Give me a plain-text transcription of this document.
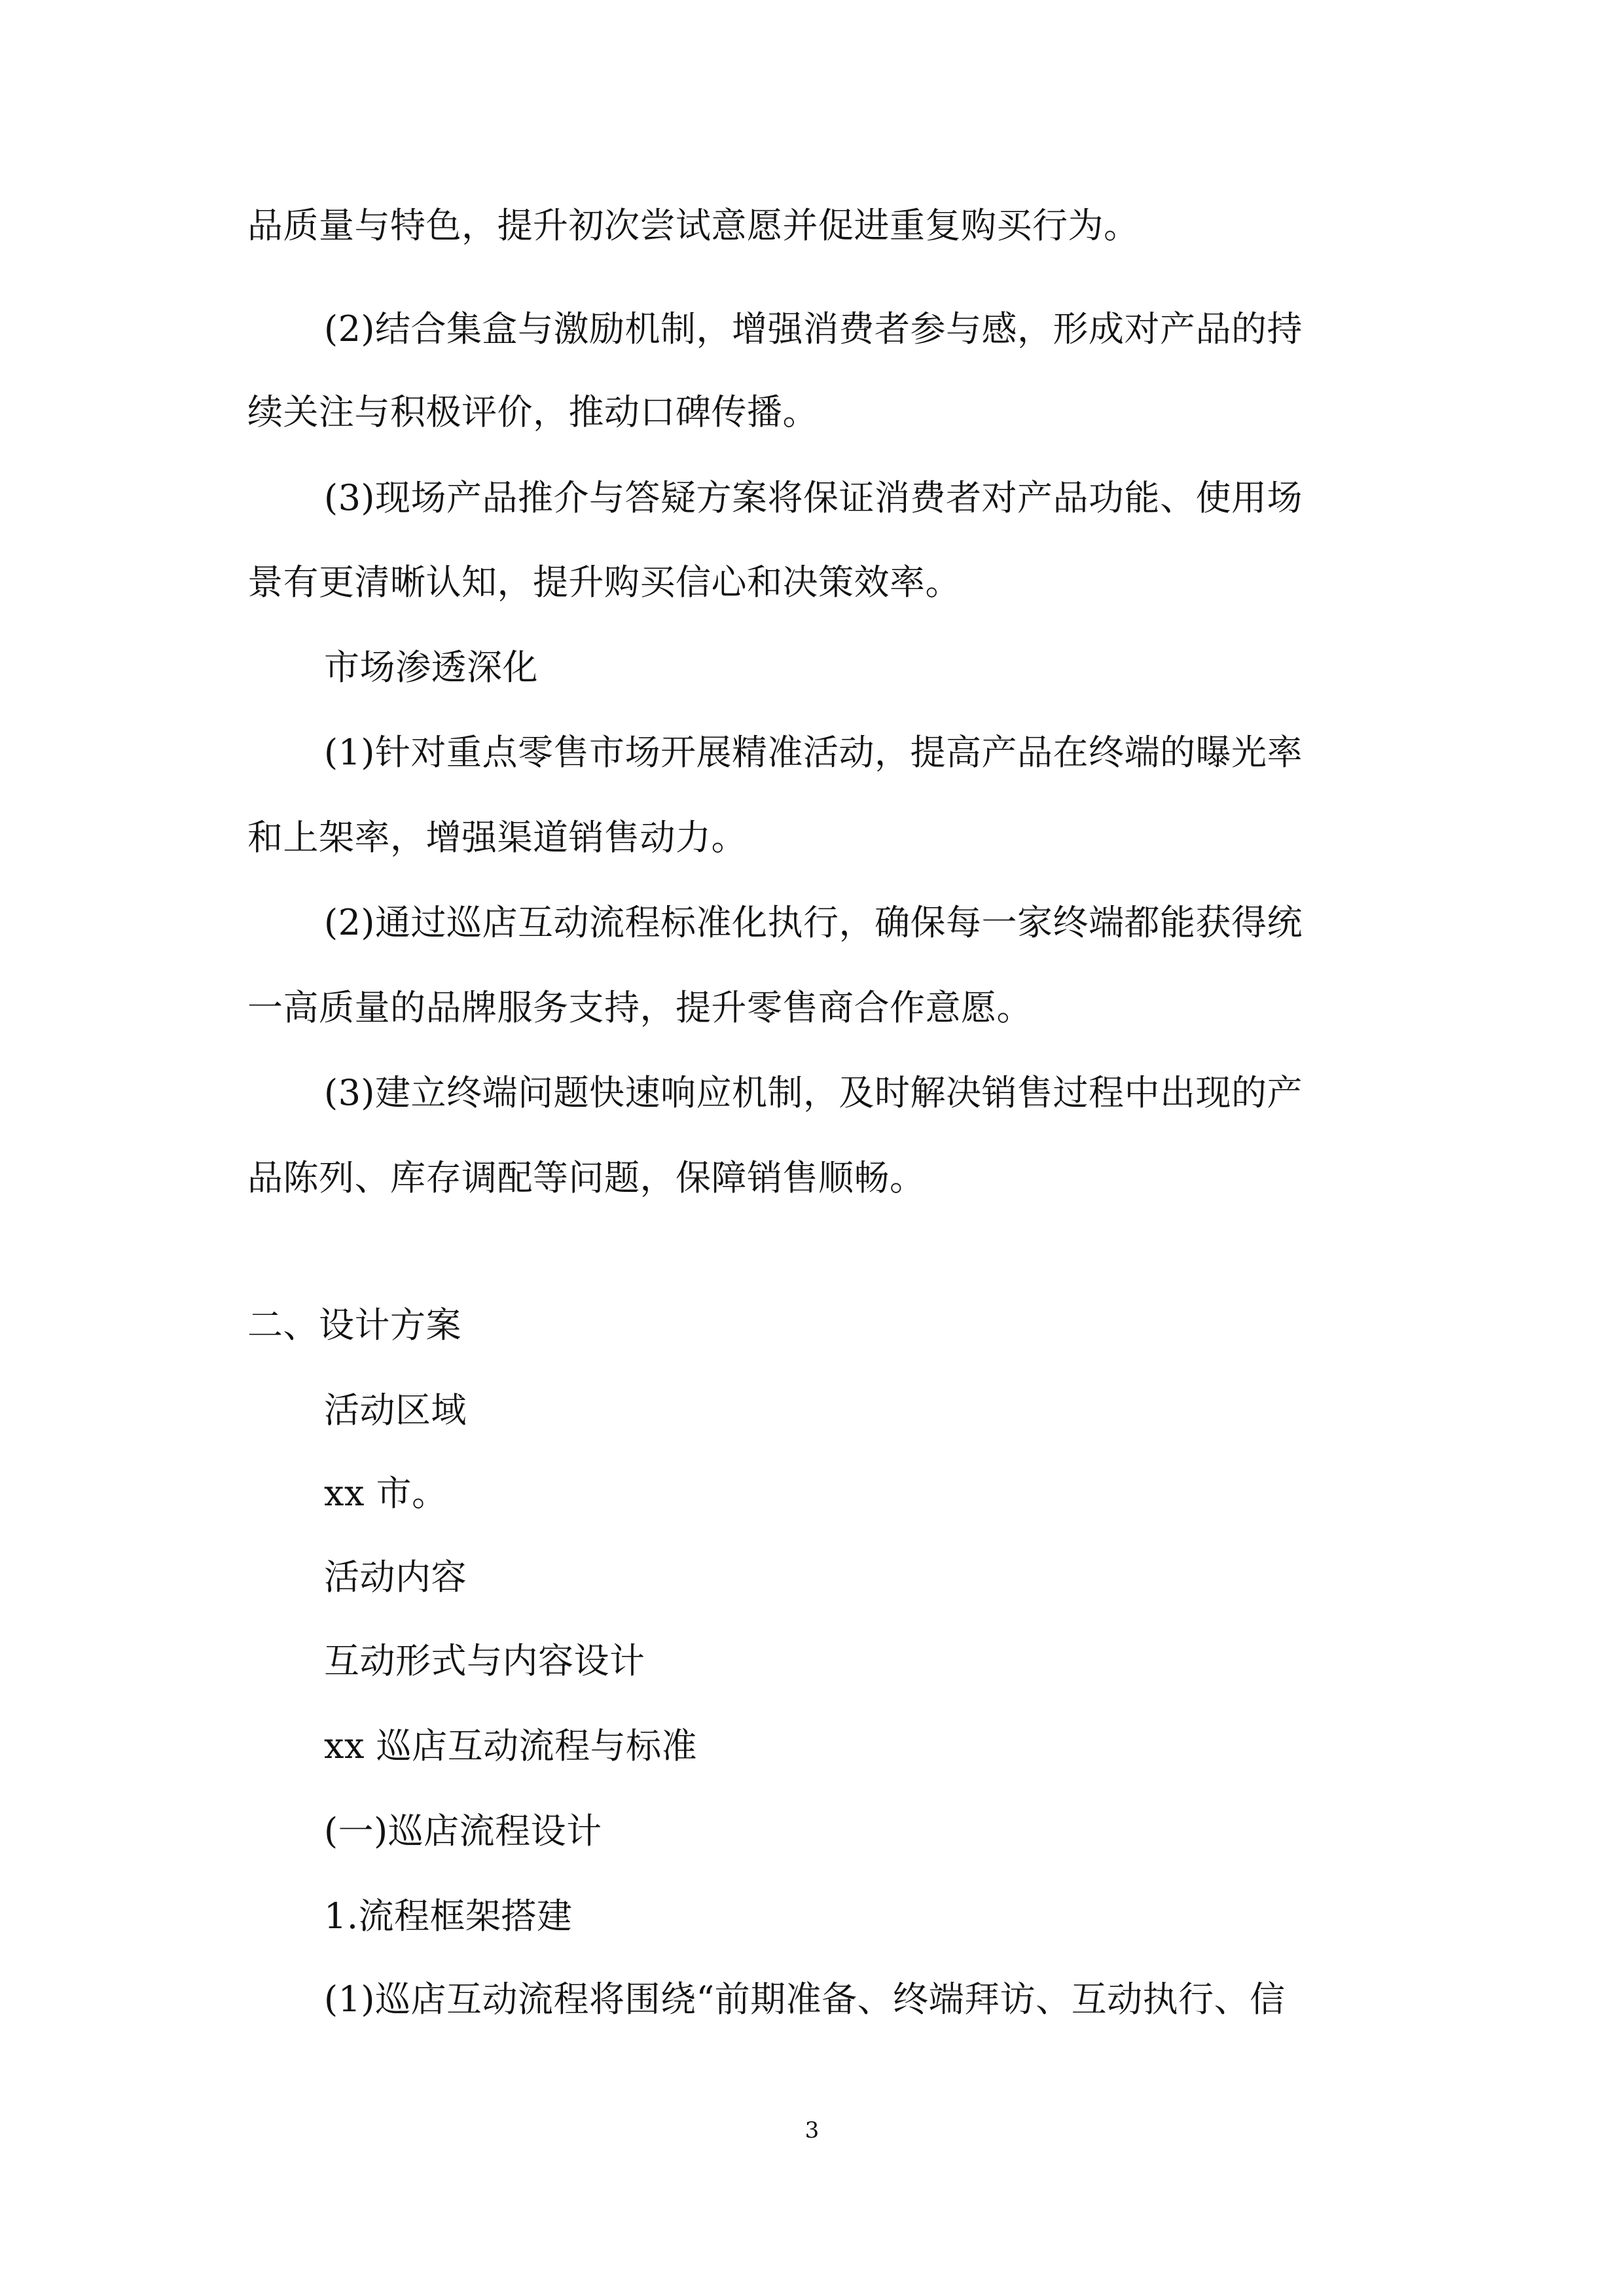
品质量与特色，提升初次尝试意愿并促进重复购买行为。
(2)结合集盒与激励机制，增强消费者参与感，形成对产品的持
续关注与积极评价，推动口碑传播。
(3)现场产品推介与答疑方案将保证消费者对产品功能、使用场
景有更清晰认知，提升购买信心和决策效率。
市场渗透深化
(1)针对重点零售市场开展精准活动，提高产品在终端的曝光率
和上架率，增强渠道销售动力。
(2)通过巡店互动流程标准化执行，确保每一家终端都能获得统
一高质量的品牌服务支持，提升零售商合作意愿。
(3)建立终端问题快速响应机制，及时解决销售过程中出现的产
品陈列、库存调配等问题，保障销售顺畅。
二、设计方案
活动区域
xx 市。
活动内容
互动形式与内容设计
xx 巡店互动流程与标准
(一)巡店流程设计
1.流程框架搭建
(1)巡店互动流程将围绕“前期准备、终端拜访、互动执行、信
3
